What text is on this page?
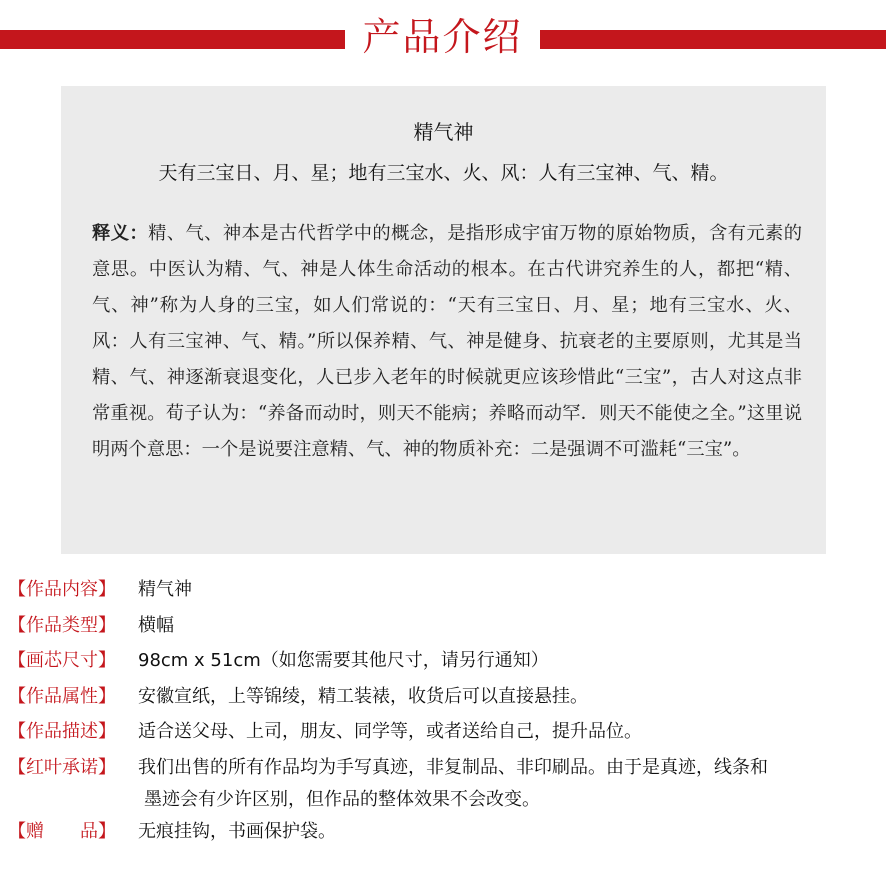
产品介绍
精气神
天有三宝日、月、星；地有三宝水、火、风：人有三宝神、气、精。
释义：精、气、神本是古代哲学中的概念，是指形成宇宙万物的原始物质，含有元素的意思。中医认为精、气、神是人体生命活动的根本。在古代讲究养生的人，都把“精、气、神”称为人身的三宝，如人们常说的：“天有三宝日、月、星；地有三宝水、火、风：人有三宝神、气、精。”所以保养精、气、神是健身、抗衰老的主要原则，尤其是当精、气、神逐渐衰退变化，人已步入老年的时候就更应该珍惜此“三宝”，古人对这点非常重视。荀子认为：“养备而动时，则天不能病；养略而动罕．则天不能使之全。”这里说明两个意思：一个是说要注意精、气、神的物质补充：二是强调不可滥耗“三宝”。
【作品内容】	精气神
【作品类型】	横幅
【画芯尺寸】	98cm x 51cm（如您需要其他尺寸，请另行通知）
【作品属性】	安徽宣纸，上等锦绫，精工装裱，收货后可以直接悬挂。
【作品描述】	适合送父母、上司，朋友、同学等，或者送给自己，提升品位。
【红叶承诺】	我们出售的所有作品均为手写真迹，非复制品、非印刷品。由于是真迹，线条和
墨迹会有少许区别，但作品的整体效果不会改变。
【赠　　品】	无痕挂钩，书画保护袋。
